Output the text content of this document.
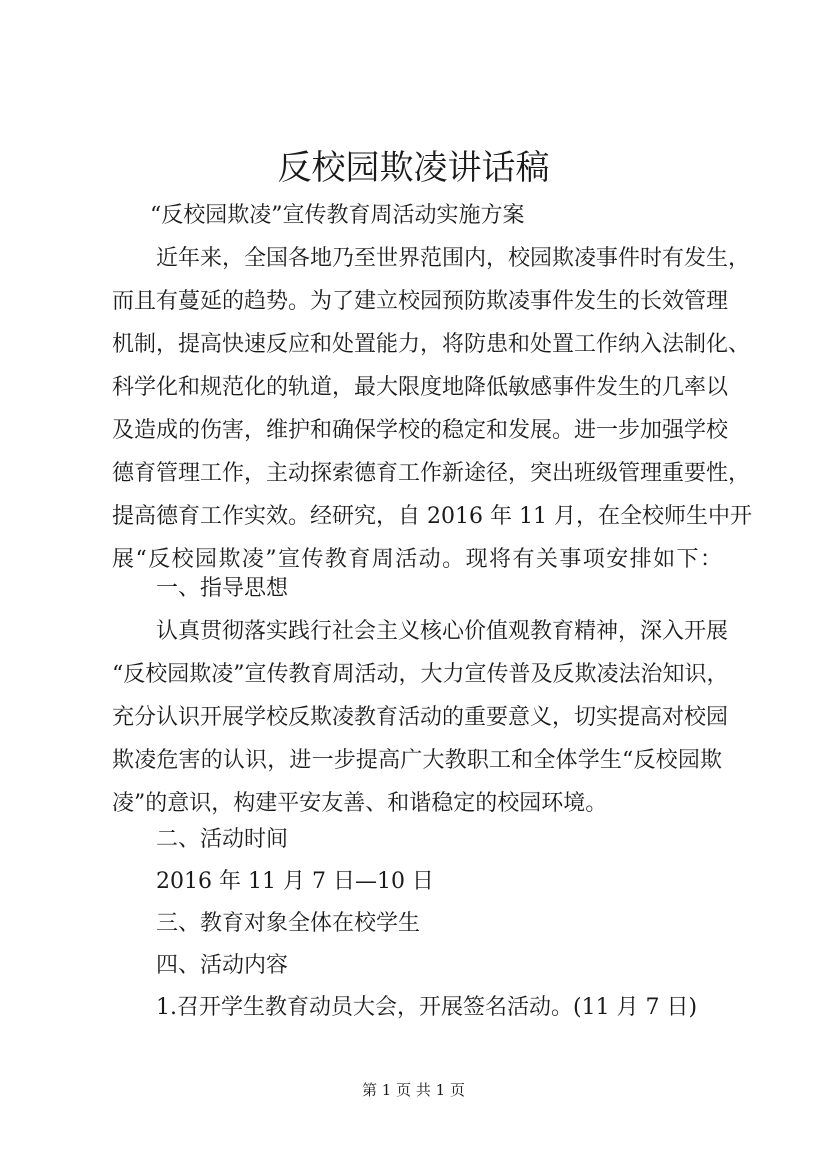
反校园欺凌讲话稿
“反校园欺凌”宣传教育周活动实施方案
近年来，全国各地乃至世界范围内，校园欺凌事件时有发生，
而且有蔓延的趋势。为了建立校园预防欺凌事件发生的长效管理
机制，提高快速反应和处置能力，将防患和处置工作纳入法制化、
科学化和规范化的轨道，最大限度地降低敏感事件发生的几率以
及造成的伤害，维护和确保学校的稳定和发展。进一步加强学校
德育管理工作，主动探索德育工作新途径，突出班级管理重要性，
提高德育工作实效。经研究，自 2016 年 11 月，在全校师生中开
展“反校园欺凌”宣传教育周活动。现将有关事项安排如下：
一、指导思想
认真贯彻落实践行社会主义核心价值观教育精神，深入开展
“反校园欺凌”宣传教育周活动，大力宣传普及反欺凌法治知识，
充分认识开展学校反欺凌教育活动的重要意义，切实提高对校园
欺凌危害的认识，进一步提高广大教职工和全体学生“反校园欺
凌”的意识，构建平安友善、和谐稳定的校园环境。
二、活动时间
2016 年 11 月 7 日—10 日
三、教育对象全体在校学生
四、活动内容
1.召开学生教育动员大会，开展签名活动。(11 月 7 日)
第 1 页 共 1 页
